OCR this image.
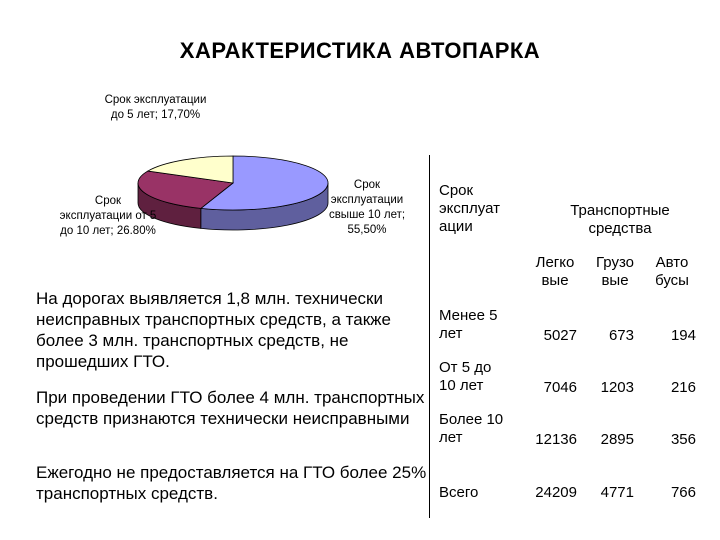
ХАРАКТЕРИСТИКА АВТОПАРКА
Срок эксплуатации до 5 лет; 17,70%
Срок эксплуатации от 5 до 10 лет; 26.80%
Срок эксплуатации свыше 10 лет; 55,50%
На дорогах выявляется 1,8 млн. технически неисправных транспортных средств, а также более 3 млн. транспортных средств, не прошедших ГТО.
При проведении ГТО более 4 млн. транспортных средств признаются технически неисправными
Ежегодно не предоставляется на ГТО более 25% транспортных средств.
Срок эксплуат ации
Транспортные средства
Легко вые
Грузо вые
Авто бусы
Менее 5 лет	5027	673	194
От 5 до 10 лет	7046	1203	216
Более 10 лет	12136	2895	356
Всего	24209	4771	766
